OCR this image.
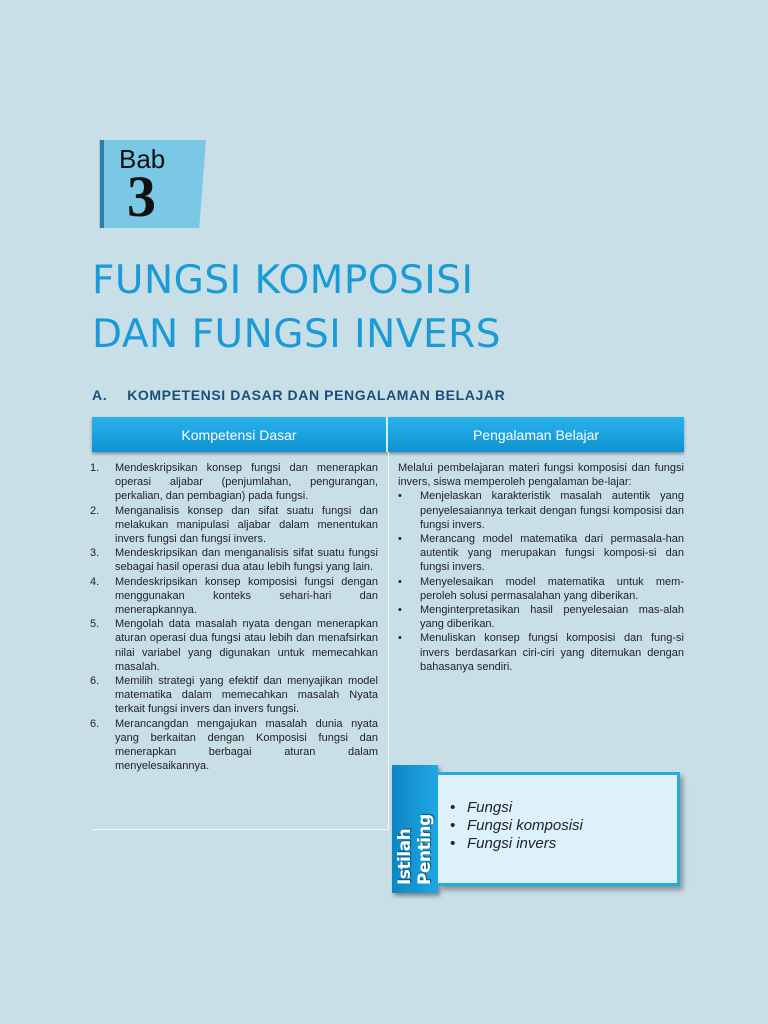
Bab
3
FUNGSI KOMPOSISI
DAN FUNGSI INVERS
A. KOMPETENSI DASAR DAN PENGALAMAN BELAJAR
Kompetensi Dasar	Pengalaman Belajar
1.	Mendeskripsikan konsep fungsi dan menerapkan operasi aljabar (penjumlahan, pengurangan, perkalian, dan pembagian) pada fungsi.
2.	Menganalisis konsep dan sifat suatu fungsi dan melakukan manipulasi aljabar dalam menentukan invers fungsi dan fungsi invers.
3.	Mendeskripsikan dan menganalisis sifat suatu fungsi sebagai hasil operasi dua atau lebih fungsi yang lain.
4.	Mendeskripsikan konsep komposisi fungsi dengan menggunakan konteks sehari-hari dan menerapkannya.
5.	Mengolah data masalah nyata dengan menerapkan aturan operasi dua fungsi atau lebih dan menafsirkan nilai variabel yang digunakan untuk memecahkan masalah.
6.	Memilih strategi yang efektif dan menyajikan model matematika dalam memecahkan masalah Nyata terkait fungsi invers dan invers fungsi.
6.	Merancangdan mengajukan masalah dunia nyata yang berkaitan dengan Komposisi fungsi dan menerapkan berbagai aturan dalam menyelesaikannya.
Melalui pembelajaran materi fungsi komposisi dan fungsi invers, siswa memperoleh pengalaman be-lajar:
•	Menjelaskan karakteristik masalah autentik yang penyelesaiannya terkait dengan fungsi komposisi dan fungsi invers.
•	Merancang model matematika dari permasala-han autentik yang merupakan fungsi komposi-si dan fungsi invers.
•	Menyelesaikan model matematika untuk mem-peroleh solusi permasalahan yang diberikan.
•	Menginterpretasikan hasil penyelesaian mas-alah yang diberikan.
•	Menuliskan konsep fungsi komposisi dan fung-si invers berdasarkan ciri-ciri yang ditemukan dengan bahasanya sendiri.
Istilah Penting
• Fungsi
• Fungsi komposisi
• Fungsi invers
